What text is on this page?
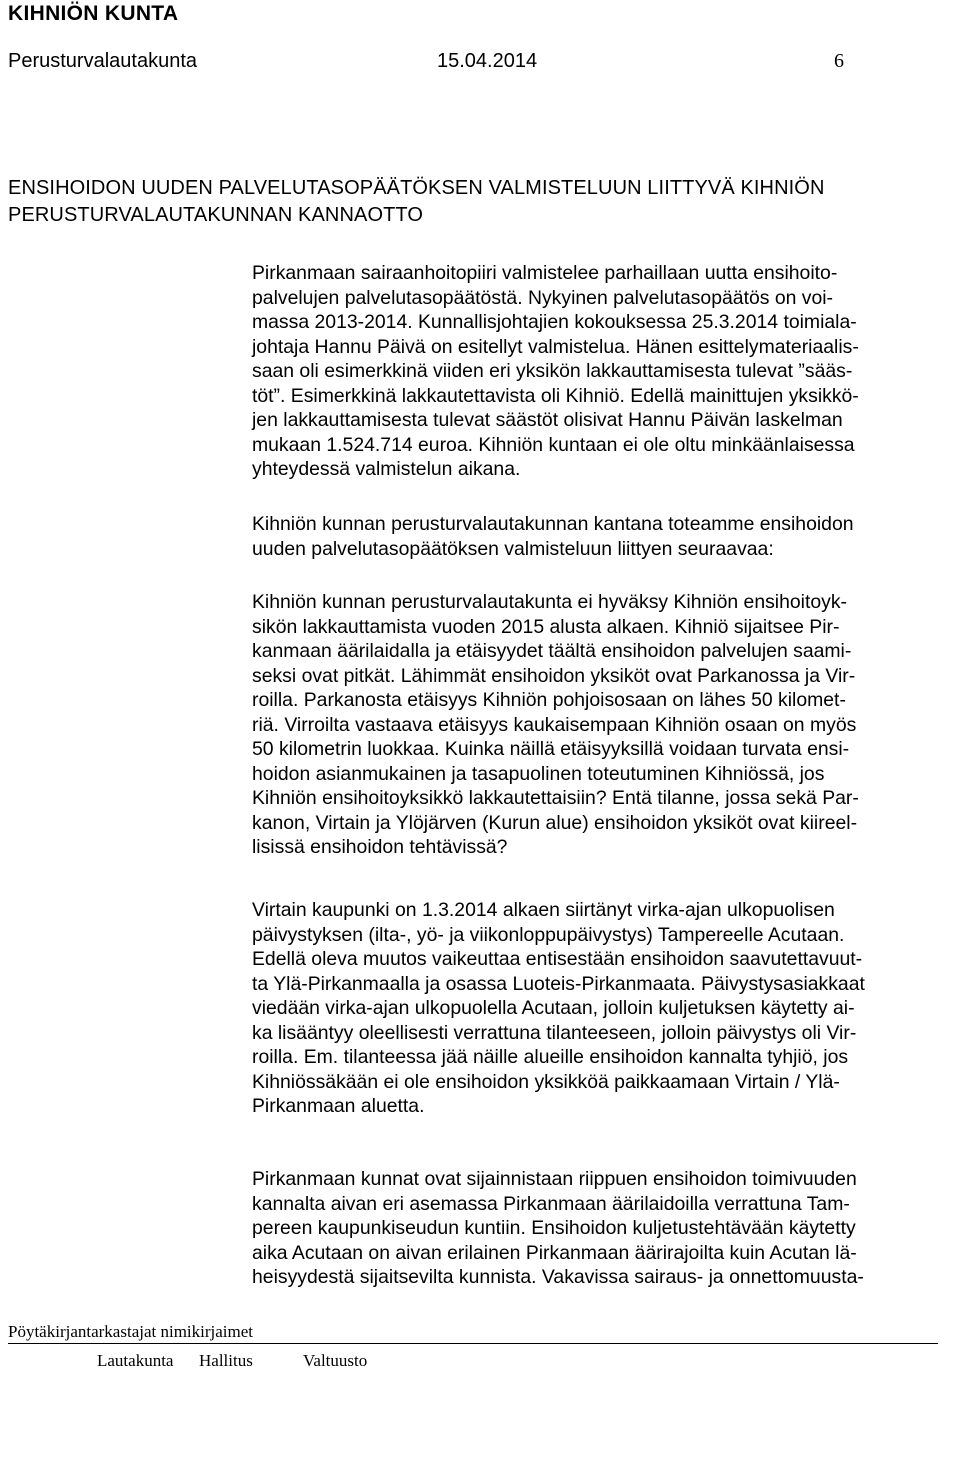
KIHNIÖN KUNTA
Perusturvalautakunta	15.04.2014	6
ENSIHOIDON UUDEN PALVELUTASOPÄÄTÖKSEN VALMISTELUUN LIITTYVÄ KIHNIÖN
PERUSTURVALAUTAKUNNAN KANNAOTTO
Pirkanmaan sairaanhoitopiiri valmistelee parhaillaan uutta ensihoito-
palvelujen palvelutasopäätöstä. Nykyinen palvelutasopäätös on voi-
massa 2013-2014. Kunnallisjohtajien kokouksessa 25.3.2014 toimiala-
johtaja Hannu Päivä on esitellyt valmistelua. Hänen esittelymateriaalis-
saan oli esimerkkinä viiden eri yksikön lakkauttamisesta tulevat ”sääs-
töt”. Esimerkkinä lakkautettavista oli Kihniö. Edellä mainittujen yksikkö-
jen lakkauttamisesta tulevat säästöt olisivat Hannu Päivän laskelman
mukaan 1.524.714 euroa. Kihniön kuntaan ei ole oltu minkäänlaisessa
yhteydessä valmistelun aikana.
Kihniön kunnan perusturvalautakunnan kantana toteamme ensihoidon
uuden palvelutasopäätöksen valmisteluun liittyen seuraavaa:
Kihniön kunnan perusturvalautakunta ei hyväksy Kihniön ensihoitoyk-
sikön lakkauttamista vuoden 2015 alusta alkaen. Kihniö sijaitsee Pir-
kanmaan äärilaidalla ja etäisyydet täältä ensihoidon palvelujen saami-
seksi ovat pitkät. Lähimmät ensihoidon yksiköt ovat Parkanossa ja Vir-
roilla. Parkanosta etäisyys Kihniön pohjoisosaan on lähes 50 kilomet-
riä. Virroilta vastaava etäisyys kaukaisempaan Kihniön osaan on myös
50 kilometrin luokkaa. Kuinka näillä etäisyyksillä voidaan turvata ensi-
hoidon asianmukainen ja tasapuolinen toteutuminen Kihniössä, jos
Kihniön ensihoitoyksikkö lakkautettaisiin? Entä tilanne, jossa sekä Par-
kanon, Virtain ja Ylöjärven (Kurun alue) ensihoidon yksiköt ovat kiireel-
lisissä ensihoidon tehtävissä?
Virtain kaupunki on 1.3.2014 alkaen siirtänyt virka-ajan ulkopuolisen
päivystyksen (ilta-, yö- ja viikonloppupäivystys) Tampereelle Acutaan.
Edellä oleva muutos vaikeuttaa entisestään ensihoidon saavutettavuut-
ta Ylä-Pirkanmaalla ja osassa Luoteis-Pirkanmaata. Päivystysasiakkaat
viedään virka-ajan ulkopuolella Acutaan, jolloin kuljetuksen käytetty ai-
ka lisääntyy oleellisesti verrattuna tilanteeseen, jolloin päivystys oli Vir-
roilla. Em. tilanteessa jää näille alueille ensihoidon kannalta tyhjiö, jos
Kihniössäkään ei ole ensihoidon yksikköä paikkaamaan Virtain / Ylä-
Pirkanmaan aluetta.
Pirkanmaan kunnat ovat sijainnistaan riippuen ensihoidon toimivuuden
kannalta aivan eri asemassa Pirkanmaan äärilaidoilla verrattuna Tam-
pereen kaupunkiseudun kuntiin. Ensihoidon kuljetustehtävään käytetty
aika Acutaan on aivan erilainen Pirkanmaan äärirajoilta kuin Acutan lä-
heisyydestä sijaitsevilta kunnista. Vakavissa sairaus- ja onnettomuusta-
Pöytäkirjantarkastajat nimikirjaimet
Lautakunta Hallitus	Valtuusto
